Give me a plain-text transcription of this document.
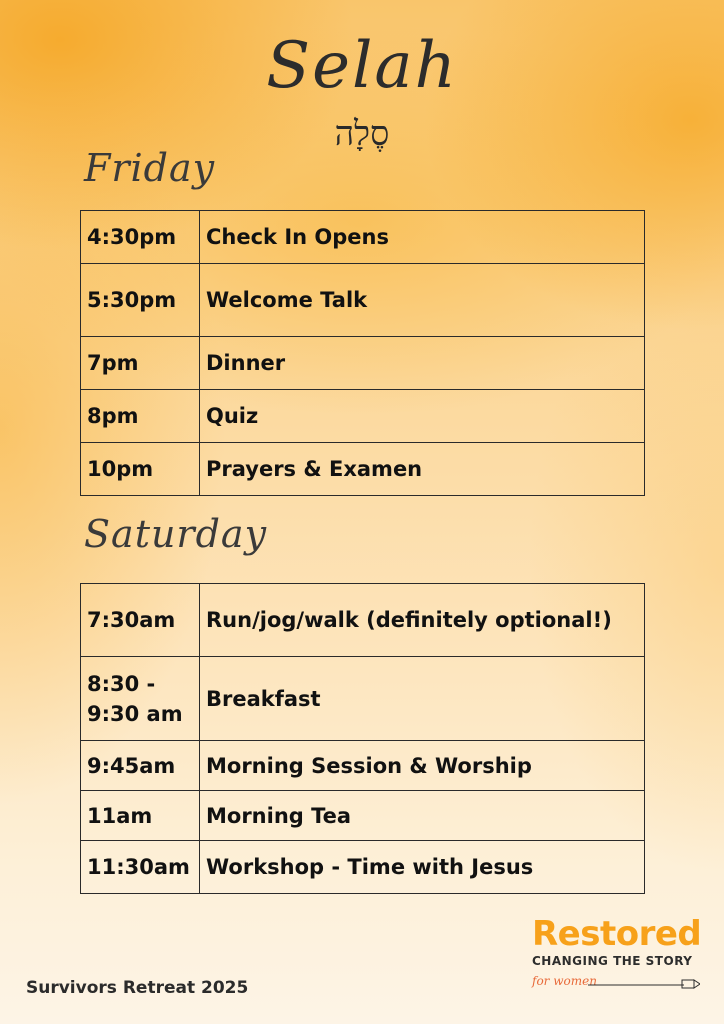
Selah
סֶלָה
Friday
4:30pm	Check In Opens
5:30pm	Welcome Talk
7pm	Dinner
8pm	Quiz
10pm	Prayers & Examen
Saturday
7:30am	Run/jog/walk (definitely optional!)
8:30 - 9:30 am	Breakfast
9:45am	Morning Session & Worship
11am	Morning Tea
11:30am	Workshop - Time with Jesus
Survivors Retreat 2025
Restored
CHANGING THE STORY
for women
